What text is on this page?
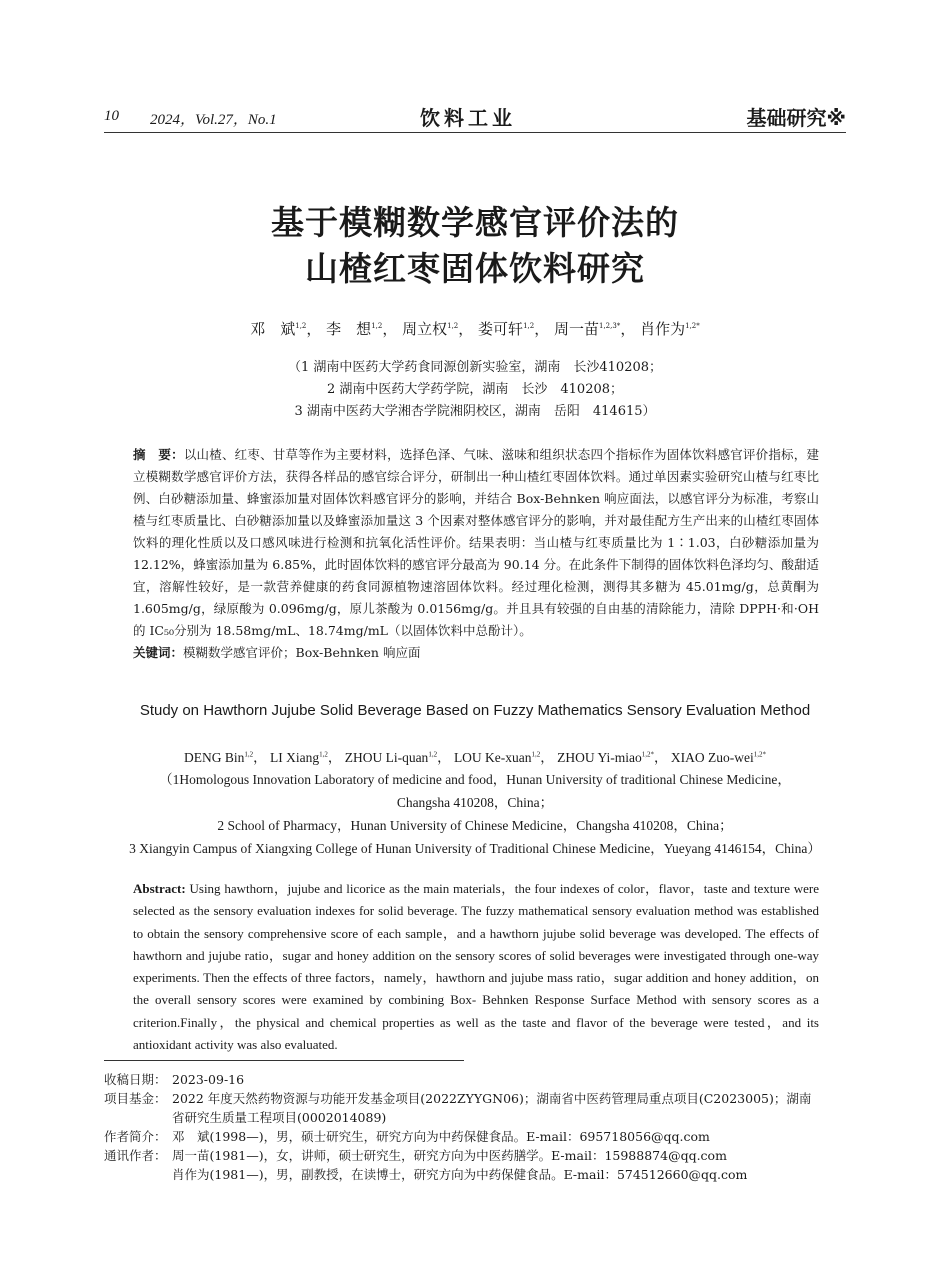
10 2024，Vol.27，No.1	饮料工业	基础研究※
基于模糊数学感官评价法的
山楂红枣固体饮料研究
邓　斌$^{1,2}$， 李　想$^{1,2}$， 周立权$^{1,2}$， 娄可轩$^{1,2}$， 周一苗$^{1,2,3*}$， 肖作为$^{1,2*}$
（1 湖南中医药大学药食同源创新实验室，湖南　长沙410208；
2 湖南中医药大学药学院，湖南　长沙　410208；
3 湖南中医药大学湘杏学院湘阴校区，湖南　岳阳　414615）
摘　要：以山楂、红枣、甘草等作为主要材料，选择色泽、气味、滋味和组织状态四个指标作为固体饮料感官评价指标，建立模糊数学感官评价方法，获得各样品的感官综合评分，研制出一种山楂红枣固体饮料。通过单因素实验研究山楂与红枣比例、白砂糖添加量、蜂蜜添加量对固体饮料感官评分的影响，并结合 Box-Behnken 响应面法，以感官评分为标准，考察山楂与红枣质量比、白砂糖添加量以及蜂蜜添加量这 3 个因素对整体感官评分的影响，并对最佳配方生产出来的山楂红枣固体饮料的理化性质以及口感风味进行检测和抗氧化活性评价。结果表明：当山楂与红枣质量比为 1∶1.03，白砂糖添加量为 12.12%，蜂蜜添加量为 6.85%，此时固体饮料的感官评分最高为 90.14 分。在此条件下制得的固体饮料色泽均匀、酸甜适宜，溶解性较好，是一款营养健康的药食同源植物速溶固体饮料。经过理化检测，测得其多糖为 45.01mg/g，总黄酮为 1.605mg/g，绿原酸为 0.096mg/g，原儿茶酸为 0.0156mg/g。并且具有较强的自由基的清除能力，清除 DPPH·和·OH 的 IC₅₀分别为 18.58mg/mL、18.74mg/mL（以固体饮料中总酚计）。
关键词：模糊数学感官评价；Box-Behnken 响应面
Study on Hawthorn Jujube Solid Beverage Based on Fuzzy Mathematics Sensory Evaluation Method
DENG Bin$^{1,2}$， LI Xiang$^{1,2}$， ZHOU Li-quan$^{1,2}$， LOU Ke-xuan$^{1,2}$， ZHOU Yi-miao$^{1,2*}$， XIAO Zuo-wei$^{1,2*}$
（1Homologous Innovation Laboratory of medicine and food，Hunan University of traditional Chinese Medicine，
Changsha 410208，China；
2 School of Pharmacy，Hunan University of Chinese Medicine，Changsha 410208，China；
3 Xiangyin Campus of Xiangxing College of Hunan University of Traditional Chinese Medicine，Yueyang 4146154，China）
Abstract: Using hawthorn，jujube and licorice as the main materials，the four indexes of color，flavor，taste and texture were selected as the sensory evaluation indexes for solid beverage. The fuzzy mathematical sensory evaluation method was established to obtain the sensory comprehensive score of each sample，and a hawthorn jujube solid beverage was developed. The effects of hawthorn and jujube ratio，sugar and honey addition on the sensory scores of solid beverages were investigated through one-way experiments. Then the effects of three factors，namely，hawthorn and jujube mass ratio，sugar addition and honey addition，on the overall sensory scores were examined by combining Box- Behnken Response Surface Method with sensory scores as a criterion.Finally，the physical and chemical properties as well as the taste and flavor of the beverage were tested，and its antioxidant activity was also evaluated.
收稿日期： 2023-09-16
项目基金： 2022 年度天然药物资源与功能开发基金项目(2022ZYYGN06)；湖南省中医药管理局重点项目(C2023005)；湖南
省研究生质量工程项目(0002014089)
作者简介： 邓　斌(1998—)，男，硕士研究生，研究方向为中药保健食品。E-mail：695718056@qq.com
通讯作者： 周一苗(1981—)，女，讲师，硕士研究生，研究方向为中医药膳学。E-mail：15988874@qq.com
肖作为(1981—)，男，副教授，在读博士，研究方向为中药保健食品。E-mail：574512660@qq.com
